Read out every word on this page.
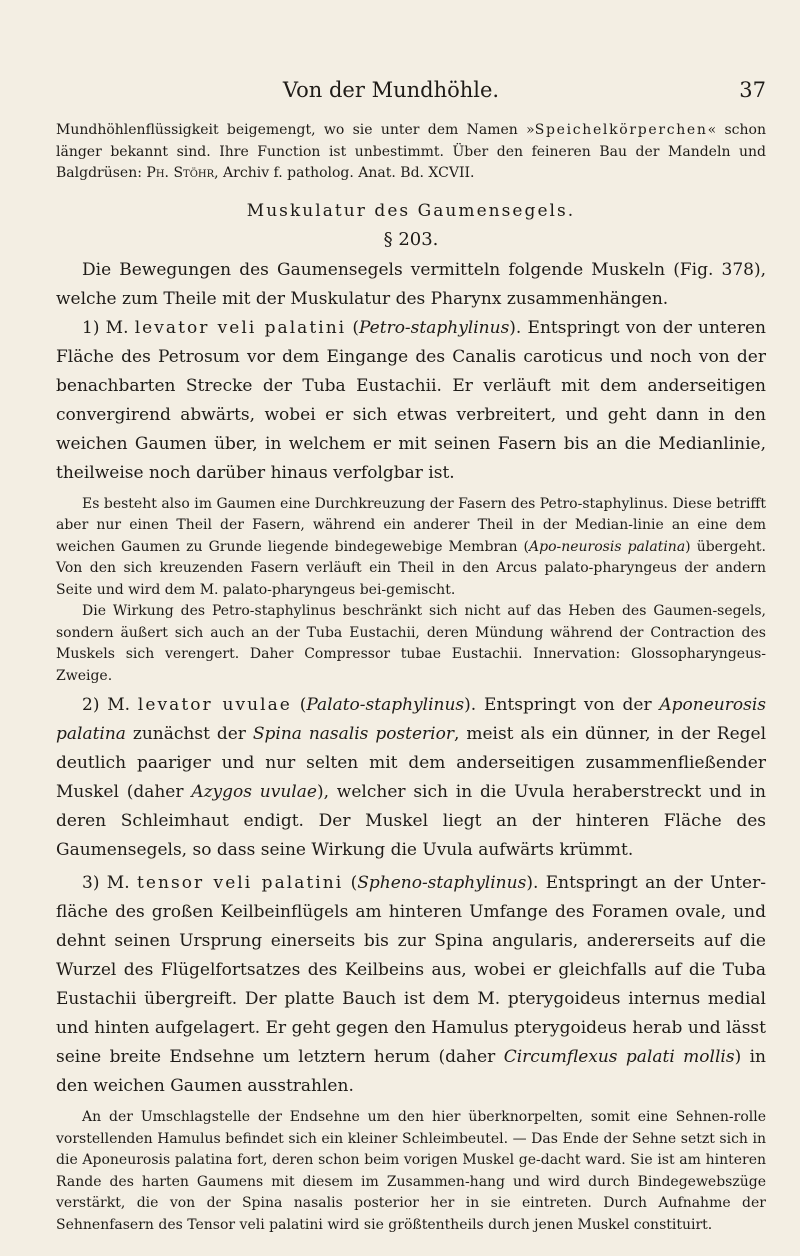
Von der Mundhöhle.	37

Mundhöhlenflüssigkeit beigemengt, wo sie unter dem Namen »Speichelkörperchen« schon länger bekannt sind. Ihre Function ist unbestimmt. Über den feineren Bau der Mandeln und Balgdrüsen: Ph. Stöhr, Archiv f. patholog. Anat. Bd. XCVII.

Muskulatur des Gaumensegels.

§ 203.

Die Bewegungen des Gaumensegels vermitteln folgende Muskeln (Fig. 378), welche zum Theile mit der Muskulatur des Pharynx zusammenhängen.

1) M. levator veli palatini (Petro-staphylinus). Entspringt von der unteren Fläche des Petrosum vor dem Eingange des Canalis caroticus und noch von der benachbarten Strecke der Tuba Eustachii. Er verläuft mit dem anderseitigen convergirend abwärts, wobei er sich etwas verbreitert, und geht dann in den weichen Gaumen über, in welchem er mit seinen Fasern bis an die Medianlinie, theilweise noch darüber hinaus verfolgbar ist.

Es besteht also im Gaumen eine Durchkreuzung der Fasern des Petro-staphylinus. Diese betrifft aber nur einen Theil der Fasern, während ein anderer Theil in der Median-linie an eine dem weichen Gaumen zu Grunde liegende bindegewebige Membran (Apo-neurosis palatina) übergeht. Von den sich kreuzenden Fasern verläuft ein Theil in den Arcus palato-pharyngeus der andern Seite und wird dem M. palato-pharyngeus bei-gemischt.

Die Wirkung des Petro-staphylinus beschränkt sich nicht auf das Heben des Gaumen-segels, sondern äußert sich auch an der Tuba Eustachii, deren Mündung während der Contraction des Muskels sich verengert. Daher Compressor tubae Eustachii. Innervation: Glossopharyngeus-Zweige.

2) M. levator uvulae (Palato-staphylinus). Entspringt von der Aponeurosis palatina zunächst der Spina nasalis posterior, meist als ein dünner, in der Regel deutlich paariger und nur selten mit dem anderseitigen zusammenfließender Muskel (daher Azygos uvulae), welcher sich in die Uvula heraberstreckt und in deren Schleimhaut endigt. Der Muskel liegt an der hinteren Fläche des Gaumensegels, so dass seine Wirkung die Uvula aufwärts krümmt.

3) M. tensor veli palatini (Spheno-staphylinus). Entspringt an der Unter-fläche des großen Keilbeinflügels am hinteren Umfange des Foramen ovale, und dehnt seinen Ursprung einerseits bis zur Spina angularis, andererseits auf die Wurzel des Flügelfortsatzes des Keilbeins aus, wobei er gleichfalls auf die Tuba Eustachii übergreift. Der platte Bauch ist dem M. pterygoideus internus medial und hinten aufgelagert. Er geht gegen den Hamulus pterygoideus herab und lässt seine breite Endsehne um letztern herum (daher Circumflexus palati mollis) in den weichen Gaumen ausstrahlen.

An der Umschlagstelle der Endsehne um den hier überknorpelten, somit eine Sehnen-rolle vorstellenden Hamulus befindet sich ein kleiner Schleimbeutel. — Das Ende der Sehne setzt sich in die Aponeurosis palatina fort, deren schon beim vorigen Muskel ge-dacht ward. Sie ist am hinteren Rande des harten Gaumens mit diesem im Zusammen-hang und wird durch Bindegewebszüge verstärkt, die von der Spina nasalis posterior her in sie eintreten. Durch Aufnahme der Sehnenfasern des Tensor veli palatini wird sie größtentheils durch jenen Muskel constituirt.
